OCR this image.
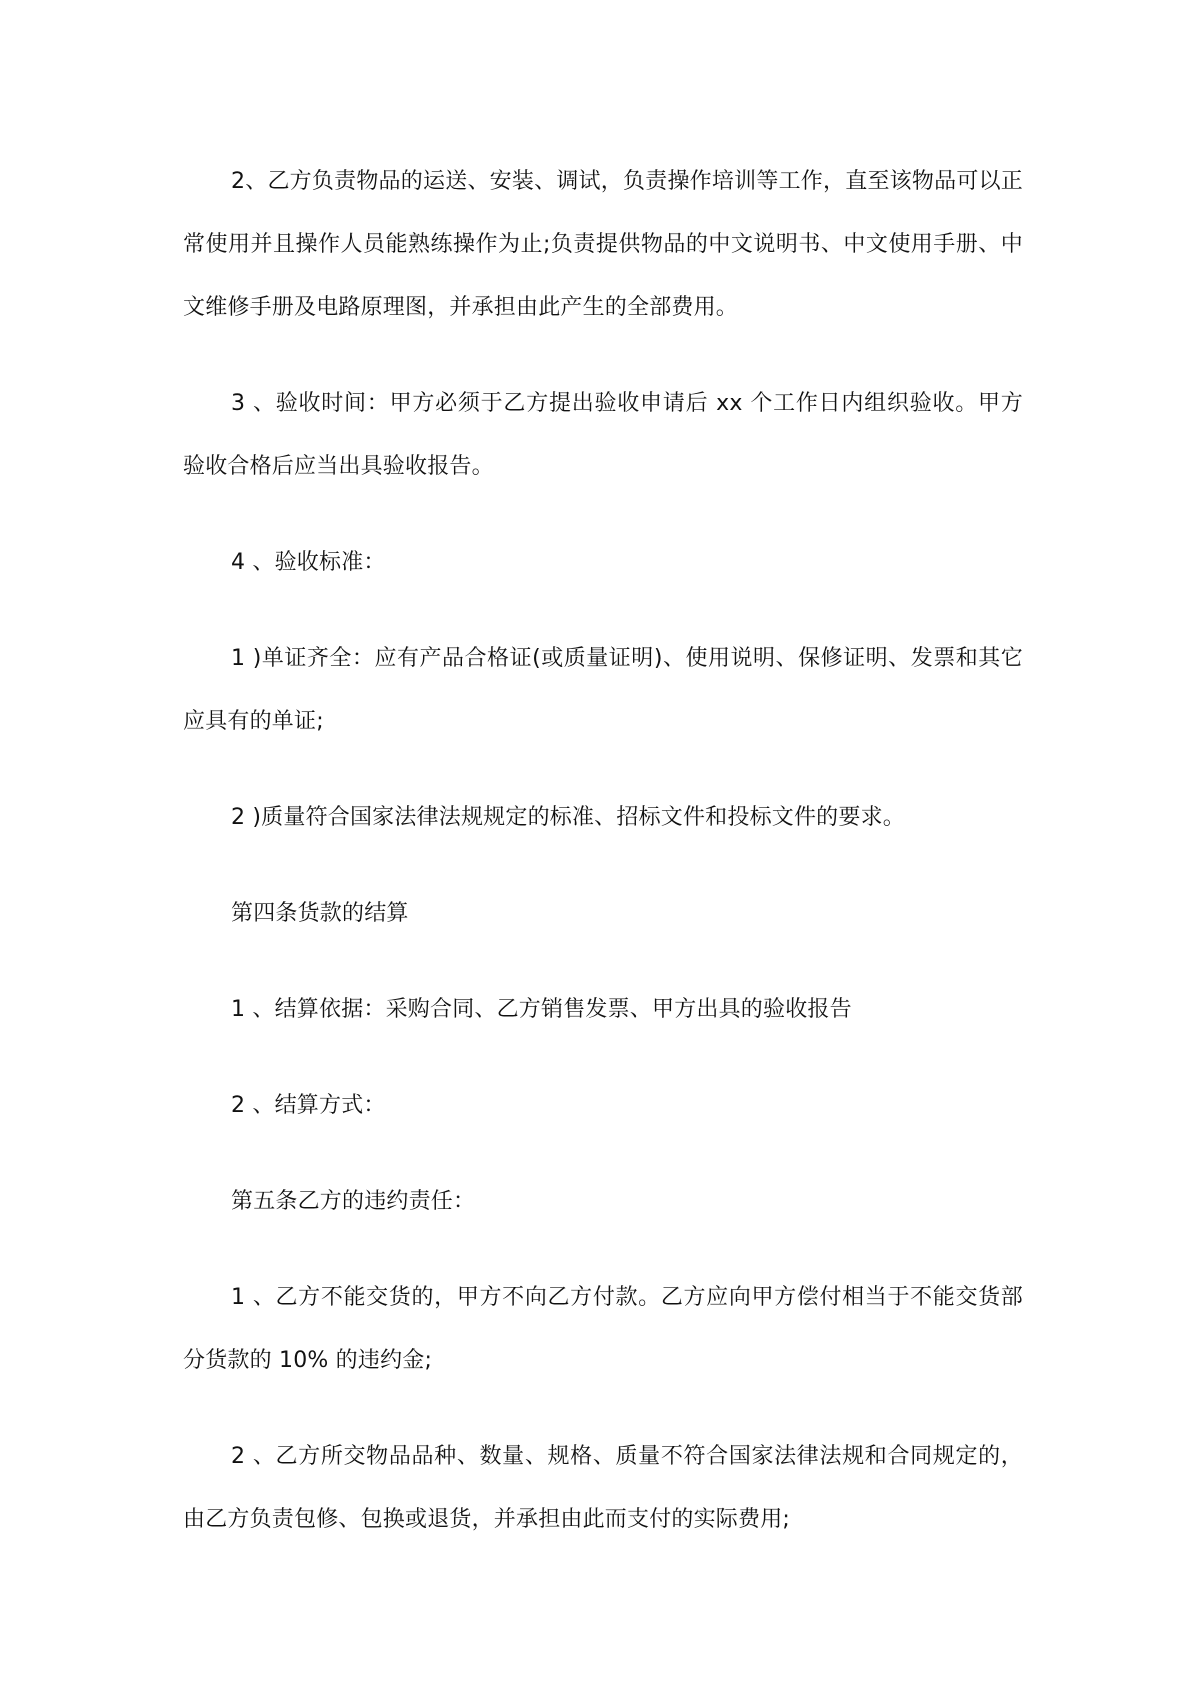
2、乙方负责物品的运送、安装、调试，负责操作培训等工作，直至该物品可以正常使用并且操作人员能熟练操作为止;负责提供物品的中文说明书、中文使用手册、中文维修手册及电路原理图，并承担由此产生的全部费用。

3 、验收时间：甲方必须于乙方提出验收申请后 xx 个工作日内组织验收。甲方验收合格后应当出具验收报告。

4 、验收标准：

1 )单证齐全：应有产品合格证(或质量证明)、使用说明、保修证明、发票和其它应具有的单证;

2 )质量符合国家法律法规规定的标准、招标文件和投标文件的要求。

第四条货款的结算

1 、结算依据：采购合同、乙方销售发票、甲方出具的验收报告

2 、结算方式：

第五条乙方的违约责任：

1 、乙方不能交货的，甲方不向乙方付款。乙方应向甲方偿付相当于不能交货部分货款的 10% 的违约金;

2 、乙方所交物品品种、数量、规格、质量不符合国家法律法规和合同规定的，由乙方负责包修、包换或退货，并承担由此而支付的实际费用;
